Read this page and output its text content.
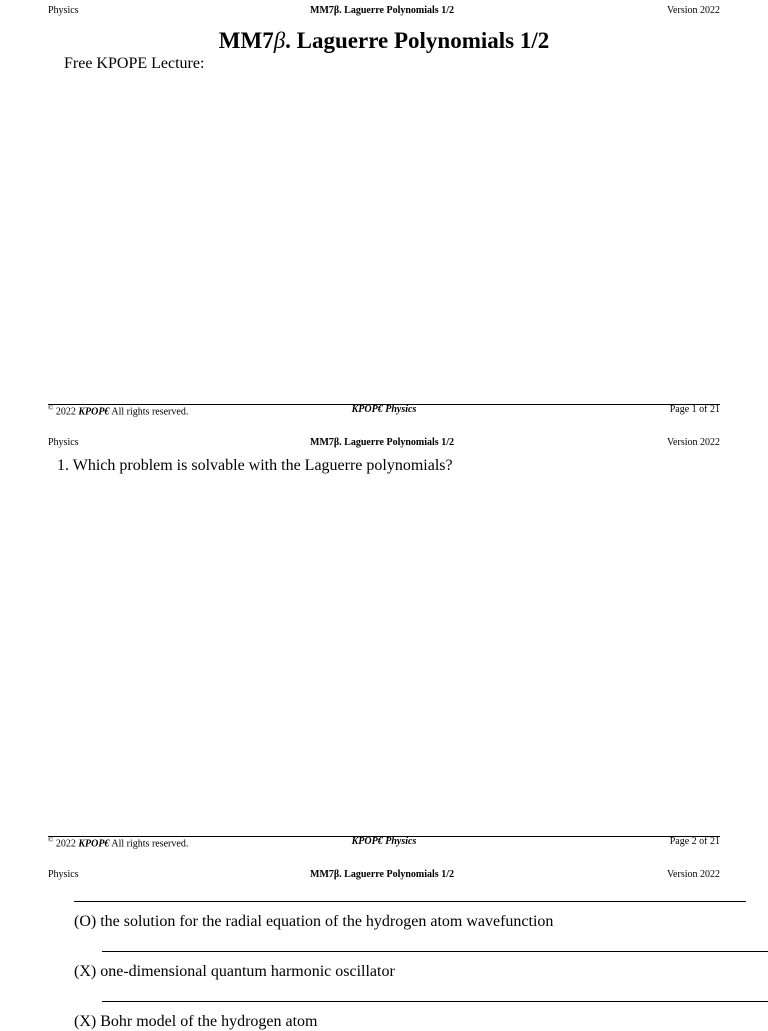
Physics	MM7β. Laguerre Polynomials 1/2	Version 2022
MM7β. Laguerre Polynomials 1/2
Free KPOPE Lecture:
© 2022 KPOP€ All rights reserved.	KPOP€ Physics	Page 1 of 21
Physics	MM7β. Laguerre Polynomials 1/2	Version 2022
1. Which problem is solvable with the Laguerre polynomials?
© 2022 KPOP€ All rights reserved.	KPOP€ Physics	Page 2 of 21
Physics	MM7β. Laguerre Polynomials 1/2	Version 2022
(O) the solution for the radial equation of the hydrogen atom wavefunction
(X) one-dimensional quantum harmonic oscillator
(X) Bohr model of the hydrogen atom
